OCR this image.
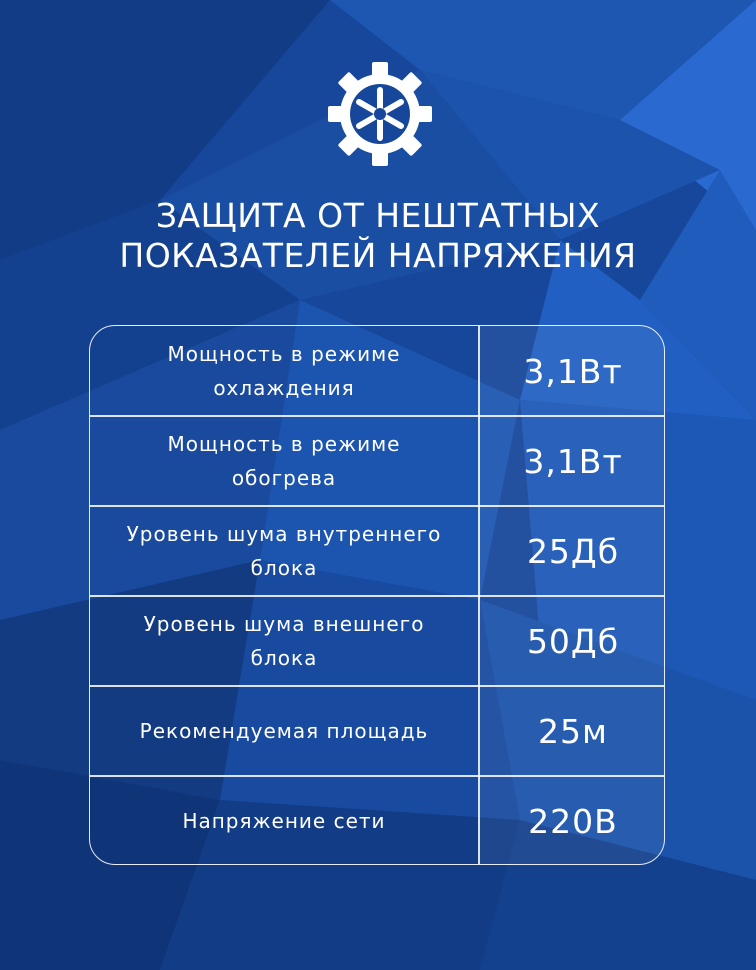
ЗАЩИТА ОТ НЕШТАТНЫХ
ПОКАЗАТЕЛЕЙ НАПРЯЖЕНИЯ
Мощность в режиме
охлаждения	3,1Вт
Мощность в режиме
обогрева	3,1Вт
Уровень шума внутреннего
блока	25Дб
Уровень шума внешнего
блока	50Дб
Рекомендуемая площадь	25м
Напряжение сети	220В
